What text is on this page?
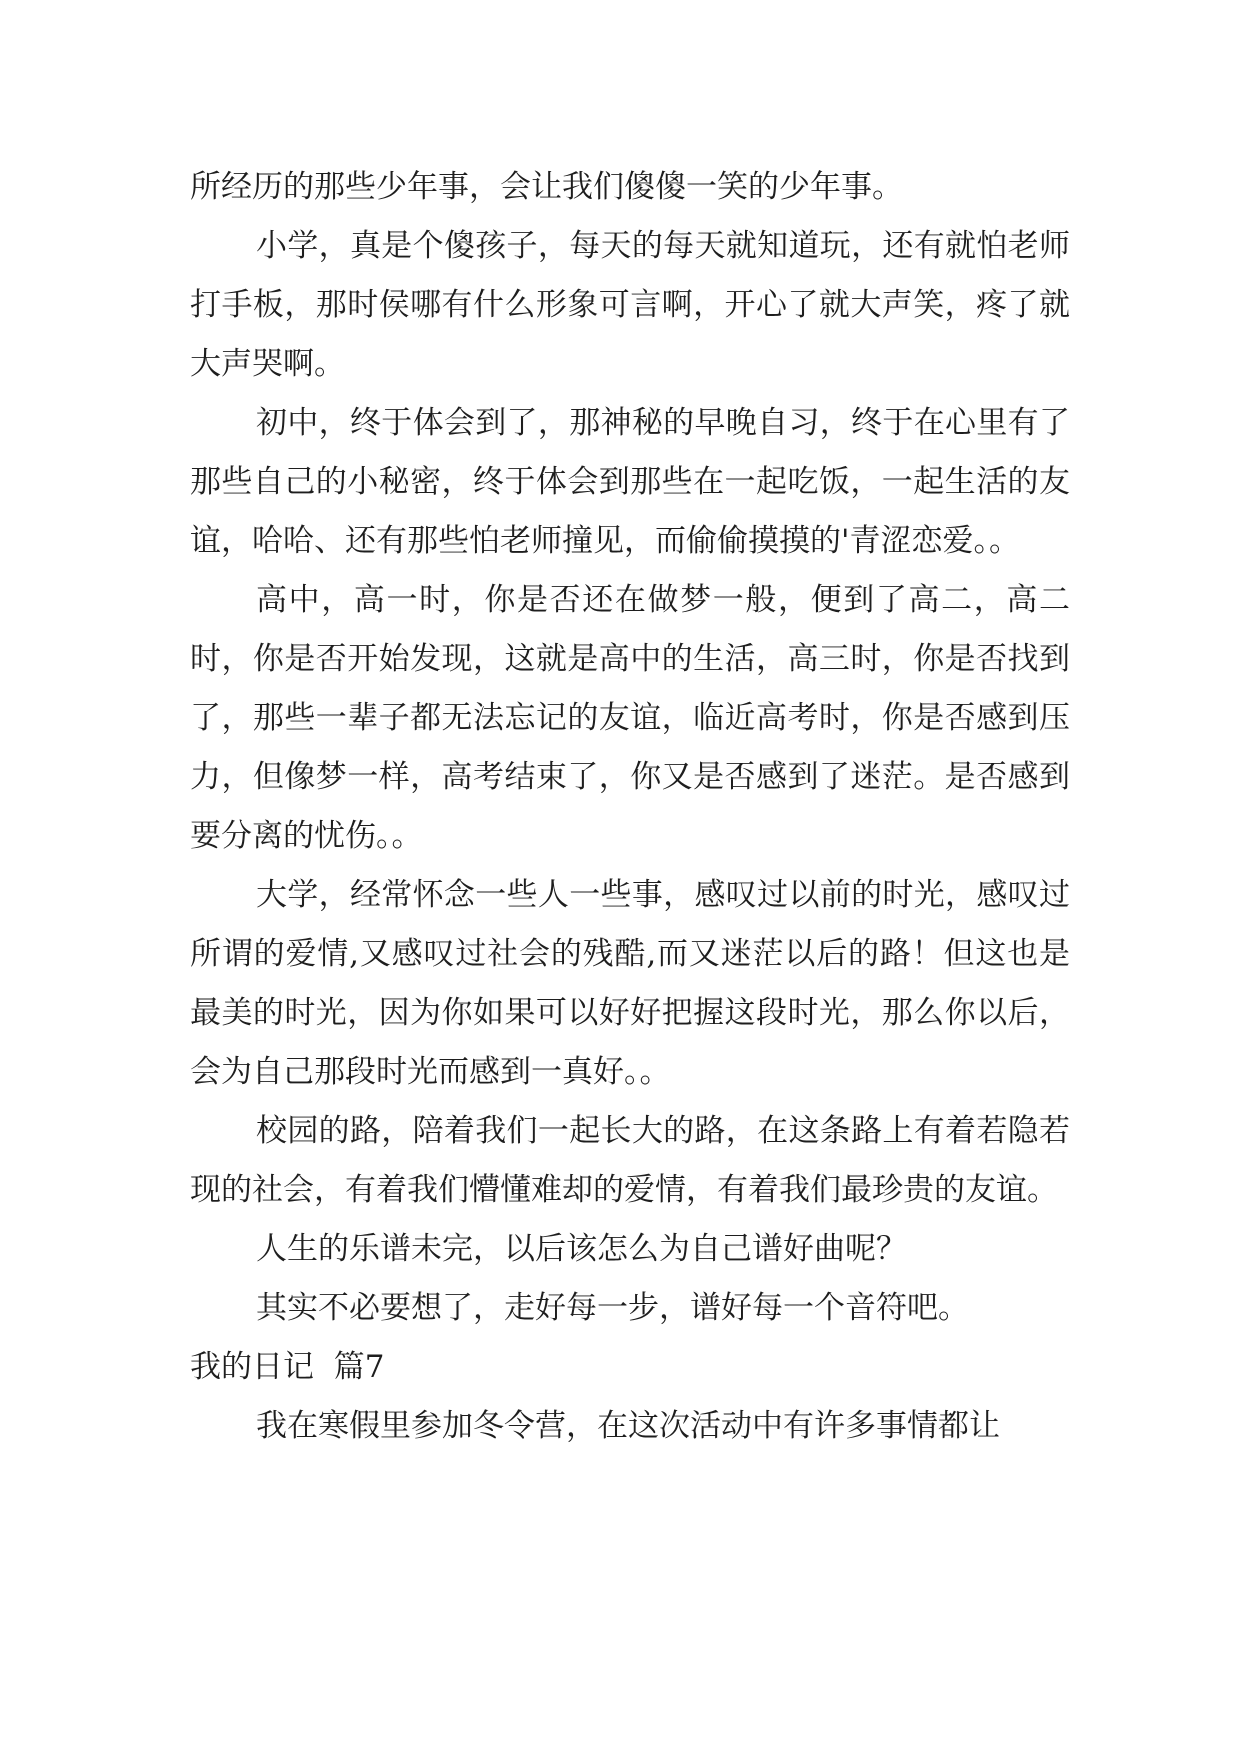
所经历的那些少年事，会让我们傻傻一笑的少年事。

小学，真是个傻孩子，每天的每天就知道玩，还有就怕老师打手板，那时侯哪有什么形象可言啊，开心了就大声笑，疼了就大声哭啊。

初中，终于体会到了，那神秘的早晚自习，终于在心里有了那些自己的小秘密，终于体会到那些在一起吃饭，一起生活的友谊，哈哈、还有那些怕老师撞见，而偷偷摸摸的'青涩恋爱。。

高中，高一时，你是否还在做梦一般，便到了高二，高二时，你是否开始发现，这就是高中的生活，高三时，你是否找到了，那些一辈子都无法忘记的友谊，临近高考时，你是否感到压力，但像梦一样，高考结束了，你又是否感到了迷茫。是否感到要分离的忧伤。。

大学，经常怀念一些人一些事，感叹过以前的时光，感叹过所谓的爱情,又感叹过社会的残酷,而又迷茫以后的路！但这也是最美的时光，因为你如果可以好好把握这段时光，那么你以后，会为自己那段时光而感到一真好。。

校园的路，陪着我们一起长大的路，在这条路上有着若隐若现的社会，有着我们懵懂难却的爱情，有着我们最珍贵的友谊。

人生的乐谱未完，以后该怎么为自己谱好曲呢？

其实不必要想了，走好每一步，谱好每一个音符吧。

我的日记  篇7

我在寒假里参加冬令营，在这次活动中有许多事情都让
